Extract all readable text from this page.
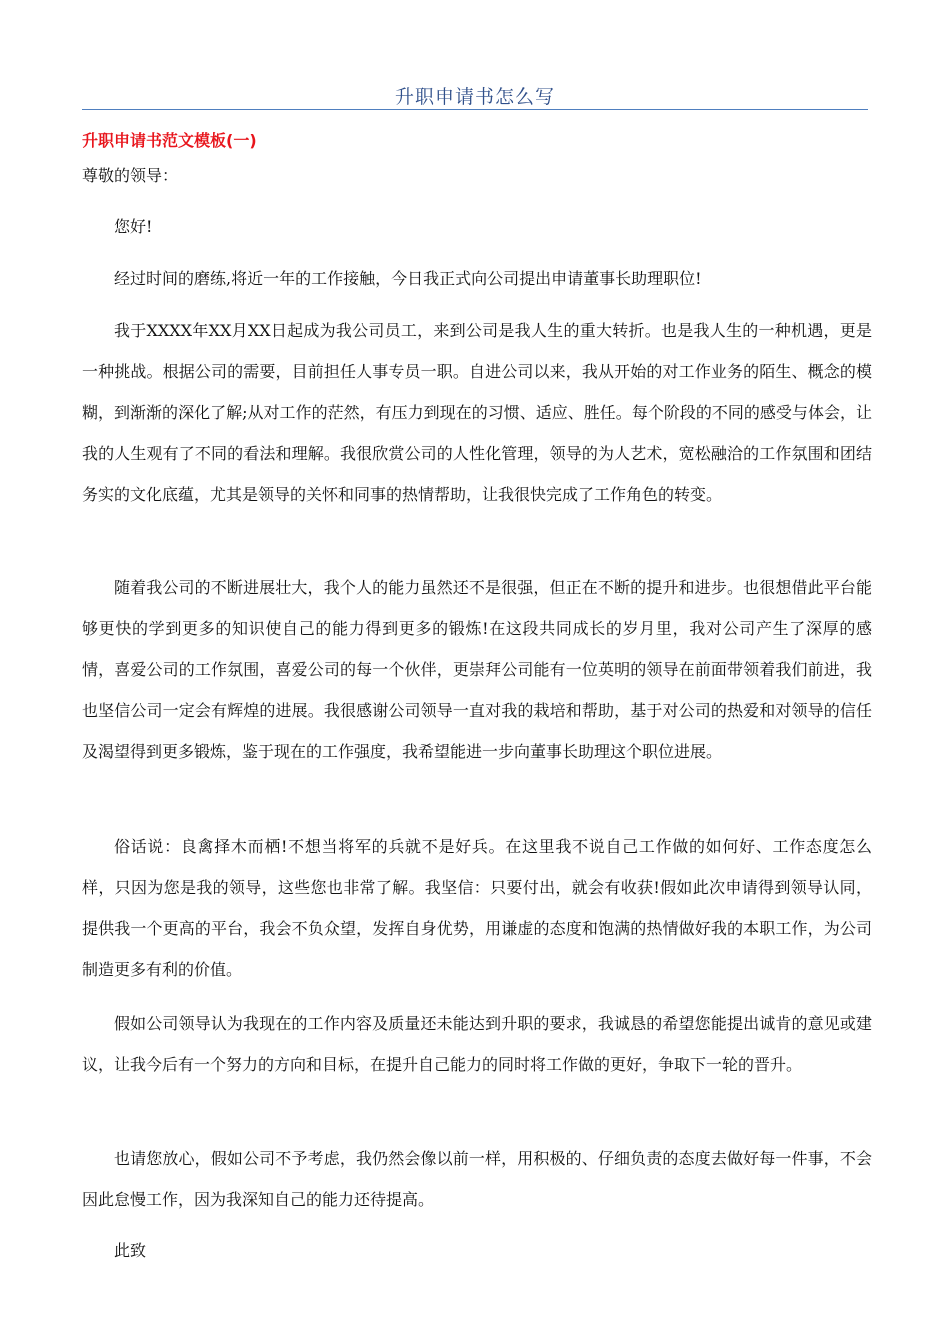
升职申请书怎么写
升职申请书范文模板(一)
尊敬的领导：

您好!

经过时间的磨练,将近一年的工作接触，今日我正式向公司提出申请董事长助理职位!

我于XXXX年XX月XX日起成为我公司员工，来到公司是我人生的重大转折。也是我人生的一种机遇，更是一种挑战。根据公司的需要，目前担任人事专员一职。自进公司以来，我从开始的对工作业务的陌生、概念的模糊，到渐渐的深化了解;从对工作的茫然，有压力到现在的习惯、适应、胜任。每个阶段的不同的感受与体会，让我的人生观有了不同的看法和理解。我很欣赏公司的人性化管理，领导的为人艺术，宽松融洽的工作氛围和团结务实的文化底蕴，尤其是领导的关怀和同事的热情帮助，让我很快完成了工作角色的转变。

随着我公司的不断进展壮大，我个人的能力虽然还不是很强，但正在不断的提升和进步。也很想借此平台能够更快的学到更多的知识使自己的能力得到更多的锻炼!在这段共同成长的岁月里，我对公司产生了深厚的感情，喜爱公司的工作氛围，喜爱公司的每一个伙伴，更崇拜公司能有一位英明的领导在前面带领着我们前进，我也坚信公司一定会有辉煌的进展。我很感谢公司领导一直对我的栽培和帮助，基于对公司的热爱和对领导的信任及渴望得到更多锻炼，鉴于现在的工作强度，我希望能进一步向董事长助理这个职位进展。

俗话说：良禽择木而栖!不想当将军的兵就不是好兵。在这里我不说自己工作做的如何好、工作态度怎么样，只因为您是我的领导，这些您也非常了解。我坚信：只要付出，就会有收获!假如此次申请得到领导认同，提供我一个更高的平台，我会不负众望，发挥自身优势，用谦虚的态度和饱满的热情做好我的本职工作，为公司制造更多有利的价值。

假如公司领导认为我现在的工作内容及质量还未能达到升职的要求，我诚恳的希望您能提出诚肯的意见或建议，让我今后有一个努力的方向和目标，在提升自己能力的同时将工作做的更好，争取下一轮的晋升。

也请您放心，假如公司不予考虑，我仍然会像以前一样，用积极的、仔细负责的态度去做好每一件事，不会因此怠慢工作，因为我深知自己的能力还待提高。

此致
